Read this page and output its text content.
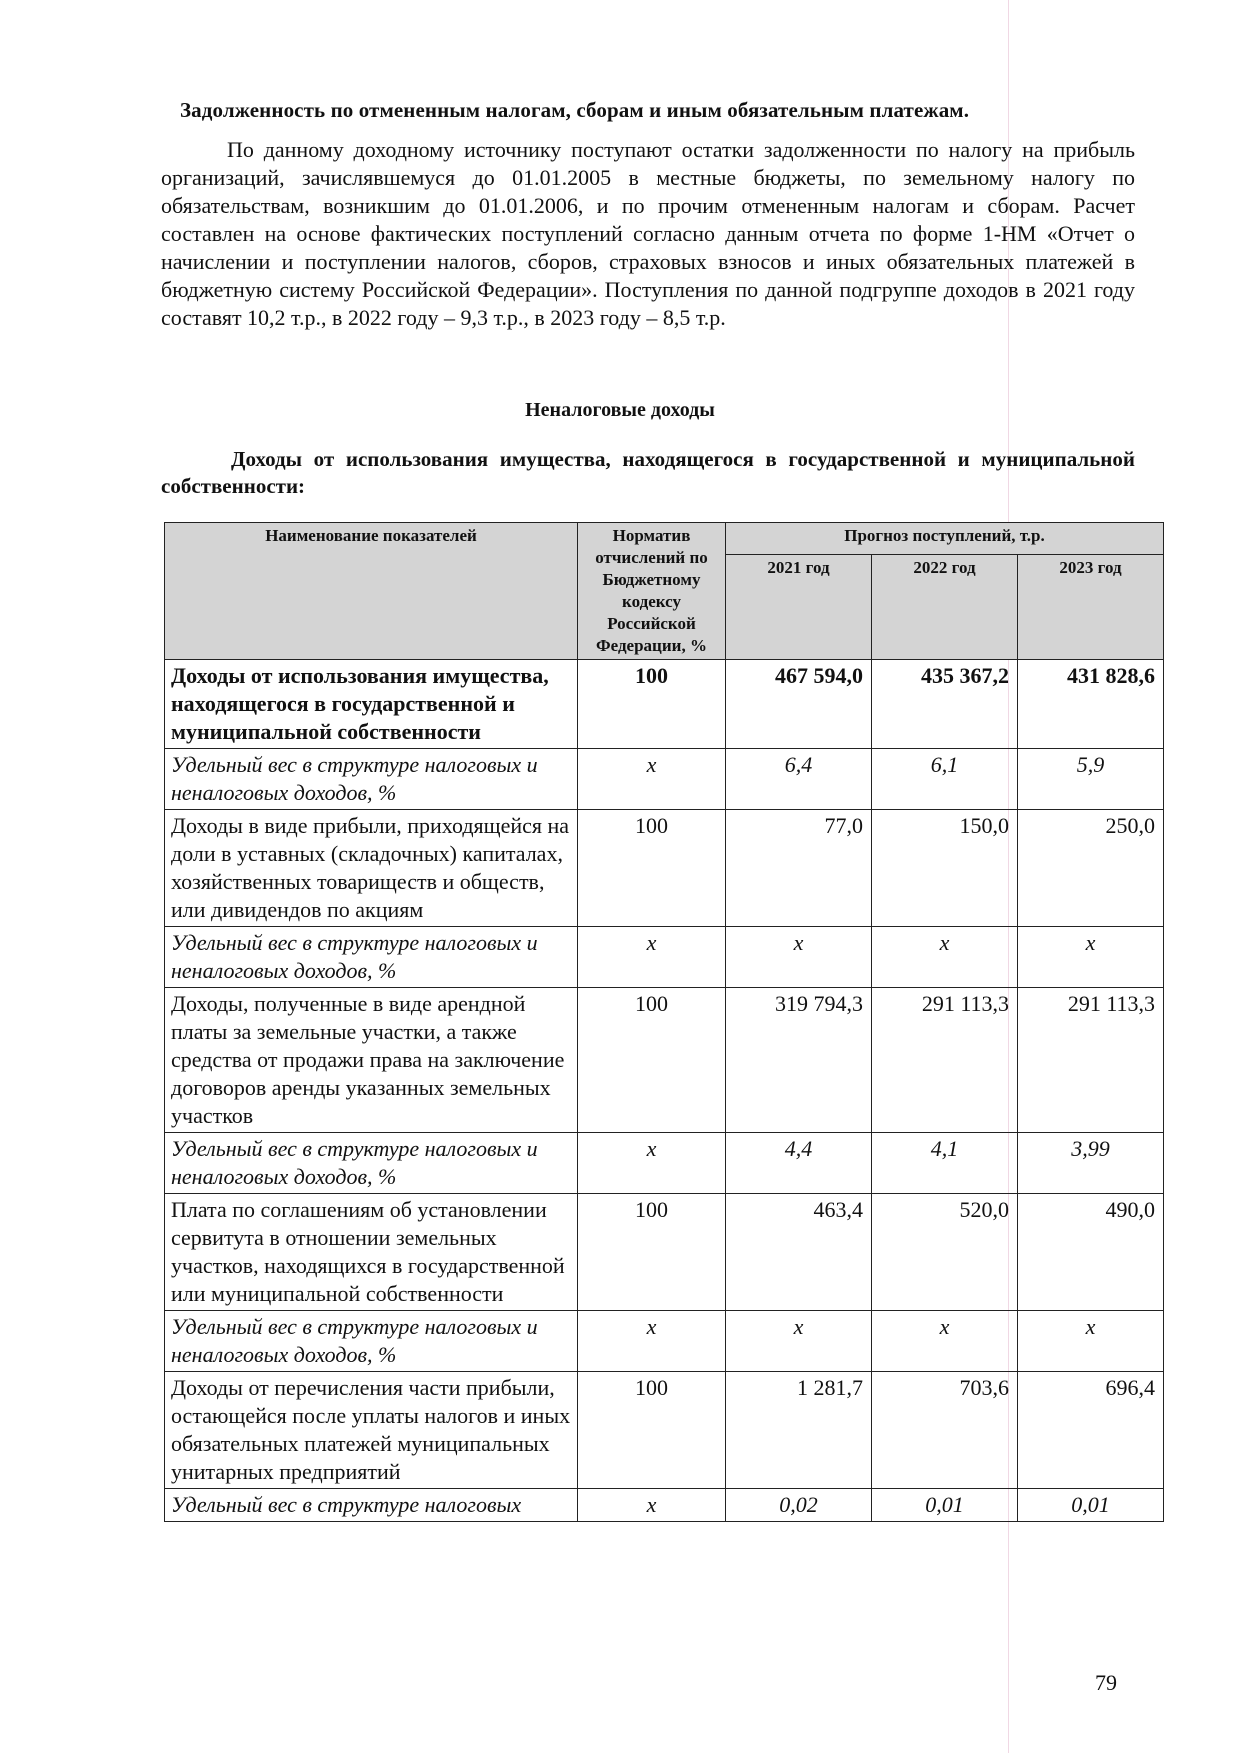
Задолженность по отмененным налогам, сборам и иным обязательным платежам.
По данному доходному источнику поступают остатки задолженности по налогу на прибыль организаций, зачислявшемуся до 01.01.2005 в местные бюджеты, по земельному налогу по обязательствам, возникшим до 01.01.2006, и по прочим отмененным налогам и сборам. Расчет составлен на основе фактических поступлений согласно данным отчета по форме 1-НМ «Отчет о начислении и поступлении налогов, сборов, страховых взносов и иных обязательных платежей в бюджетную систему Российской Федерации». Поступления по данной подгруппе доходов в 2021 году составят 10,2 т.р., в 2022 году – 9,3 т.р., в 2023 году – 8,5 т.р.
Неналоговые доходы
Доходы от использования имущества, находящегося в государственной и муниципальной собственности:
Наименование показателей	Норматив отчислений по Бюджетному кодексу Российской Федерации, %	Прогноз поступлений, т.р.		
		2021 год	2022 год	2023 год
Доходы от использования имущества, находящегося в государственной и муниципальной собственности	100	467 594,0	435 367,2	431 828,6
Удельный вес в структуре налоговых и неналоговых доходов, %	х	6,4	6,1	5,9
Доходы в виде прибыли, приходящейся на доли в уставных (складочных) капиталах, хозяйственных товариществ и обществ, или дивидендов по акциям	100	77,0	150,0	250,0
Удельный вес в структуре налоговых и неналоговых доходов, %	х	х	х	х
Доходы, полученные в виде арендной платы за земельные участки, а также средства от продажи права на заключение договоров аренды указанных земельных участков	100	319 794,3	291 113,3	291 113,3
Удельный вес в структуре налоговых и неналоговых доходов, %	х	4,4	4,1	3,99
Плата по соглашениям об установлении сервитута в отношении земельных участков, находящихся в государственной или муниципальной собственности	100	463,4	520,0	490,0
Удельный вес в структуре налоговых и неналоговых доходов, %	х	х	х	х
Доходы от перечисления части прибыли, остающейся после уплаты налогов и иных обязательных платежей муниципальных унитарных предприятий	100	1 281,7	703,6	696,4
Удельный вес в структуре налоговых	х	0,02	0,01	0,01
79
